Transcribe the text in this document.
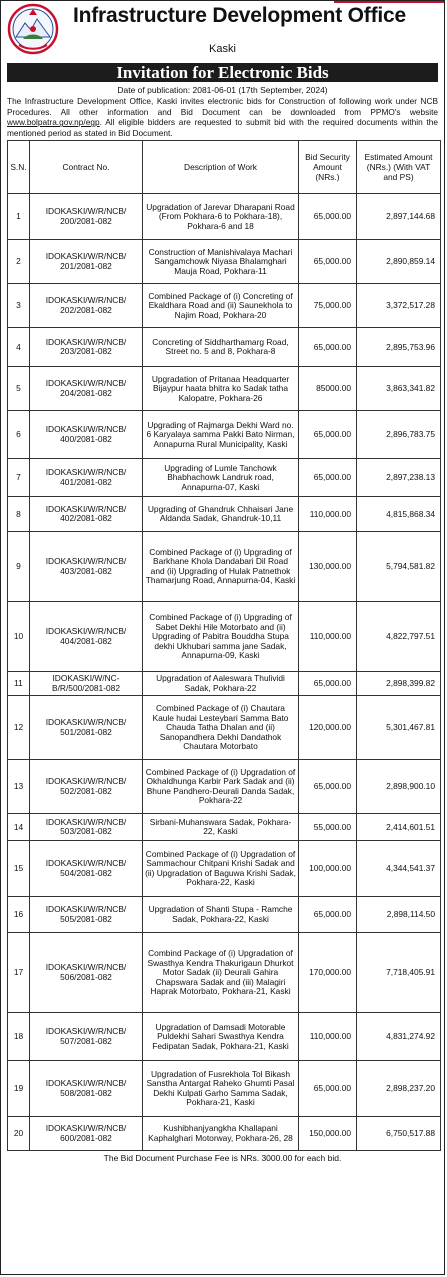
Infrastructure Development Office
Kaski
Invitation for Electronic Bids
Date of publication: 2081-06-01 (17th September, 2024)
The Infrastructure Development Office, Kaski invites electronic bids for Construction of following work under NCB Procedures. All other information and Bid Document can be downloaded from PPMO's website www.bolpatra.gov.np/egp. All eligible bidders are requested to submit bid with the required documents within the mentioned period as stated in Bid Document.
S.N.	Contract No.	Description of Work	Bid Security Amount (NRs.)	Estimated Amount (NRs.) (With VAT and PS)
1	IDOKASKI/W/R/NCB/ 200/2081-082	Upgradation of Jarevar Dharapani Road (From Pokhara-6 to Pokhara-18), Pokhara-6 and 18	65,000.00	2,897,144.68
2	IDOKASKI/W/R/NCB/ 201/2081-082	Construction of Manishivalaya Machari Sangamchowk Niyasa Bhalamghari Mauja Road, Pokhara-11	65,000.00	2,890,859.14
3	IDOKASKI/W/R/NCB/ 202/2081-082	Combined Package of (i) Concreting of Ekaldhara Road and (ii) Saunekhola to Najim Road, Pokhara-20	75,000.00	3,372,517.28
4	IDOKASKI/W/R/NCB/ 203/2081-082	Concreting of Siddharthamarg Road, Street no. 5 and 8, Pokhara-8	65,000.00	2,895,753.96
5	IDOKASKI/W/R/NCB/ 204/2081-082	Upgradation of Pritanaa Headquarter Bijaypur haata bhitra ko Sadak tatha Kalopatre, Pokhara-26	85000.00	3,863,341.82
6	IDOKASKI/W/R/NCB/ 400/2081-082	Upgrading of Rajmarga Dekhi Ward no. 6 Karyalaya samma Pakki Bato Nirman, Annapurna Rural Municipality, Kaski	65,000.00	2,896,783.75
7	IDOKASKI/W/R/NCB/ 401/2081-082	Upgrading of Lumle Tanchowk Bhabhachowk Landruk road, Annapurna-07, Kaski	65,000.00	2,897,238.13
8	IDOKASKI/W/R/NCB/ 402/2081-082	Upgrading of Ghandruk Chhaisari Jane Aldanda Sadak, Ghandruk-10,11	110,000.00	4,815,868.34
9	IDOKASKI/W/R/NCB/ 403/2081-082	Combined Package of (i) Upgrading of Barkhane Khola Dandabari Dil Road and (ii) Upgrading of Hulak Patnethok Thamarjung Road, Annapurna-04, Kaski	130,000.00	5,794,581.82
10	IDOKASKI/W/R/NCB/ 404/2081-082	Combined Package of (i) Upgrading of Sabet Dekhi Hile Motorbato and (ii) Upgrading of Pabitra Bouddha Stupa dekhi Ukhubari samma jane Sadak, Annapurna-09, Kaski	110,000.00	4,822,797.51
11	IDOKASKI/W/NC-B/R/500/2081-082	Upgradation of Aaleswara Thulividi Sadak, Pokhara-22	65,000.00	2,898,399.82
12	IDOKASKI/W/R/NCB/ 501/2081-082	Combined Package of (i) Chautara Kaule hudai Lesteybari Samma Bato Chauda Tatha Dhalan and (ii) Sanopandhera Dekhi Dandathok Chautara Motorbato	120,000.00	5,301,467.81
13	IDOKASKI/W/R/NCB/ 502/2081-082	Combined Package of (i) Upgradation of Okhaldhunga Karbir Park Sadak and (ii) Bhune Pandhero-Deurali Danda Sadak, Pokhara-22	65,000.00	2,898,900.10
14	IDOKASKI/W/R/NCB/ 503/2081-082	Sirbani-Muhanswara Sadak, Pokhara-22, Kaski	55,000.00	2,414,601.51
15	IDOKASKI/W/R/NCB/ 504/2081-082	Combined Package of (i) Upgradation of Sammachour Chitpani Krishi Sadak and (ii) Upgradation of Baguwa Krishi Sadak, Pokhara-22, Kaski	100,000.00	4,344,541.37
16	IDOKASKI/W/R/NCB/ 505/2081-082	Upgradation of Shanti Stupa - Ramche Sadak, Pokhara-22, Kaski	65,000.00	2,898,114.50
17	IDOKASKI/W/R/NCB/ 506/2081-082	Combind Package of (i) Upgradation of Swasthya Kendra Thakurigaun Dhurkot Motor Sadak (ii) Deurali Gahira Chapswara Sadak and (iii) Malagiri Haprak Motorbato, Pokhara-21, Kaski	170,000.00	7,718,405.91
18	IDOKASKI/W/R/NCB/ 507/2081-082	Upgradation of Damsadi Motorable Puldekhi Sahari Swasthya Kendra Fedipatan Sadak, Pokhara-21, Kaski	110,000.00	4,831,274.92
19	IDOKASKI/W/R/NCB/ 508/2081-082	Upgradation of Fusrekhola Tol Bikash Sanstha Antargat Raheko Ghumti Pasal Dekhi Kulpati Garho Samma Sadak, Pokhara-21, Kaski	65,000.00	2,898,237.20
20	IDOKASKI/W/R/NCB/ 600/2081-082	Kushibhanjyangkha Khallapani Kaphalghari Motorway, Pokhara-26, 28	150,000.00	6,750,517.88
The Bid Document Purchase Fee is NRs. 3000.00 for each bid.
